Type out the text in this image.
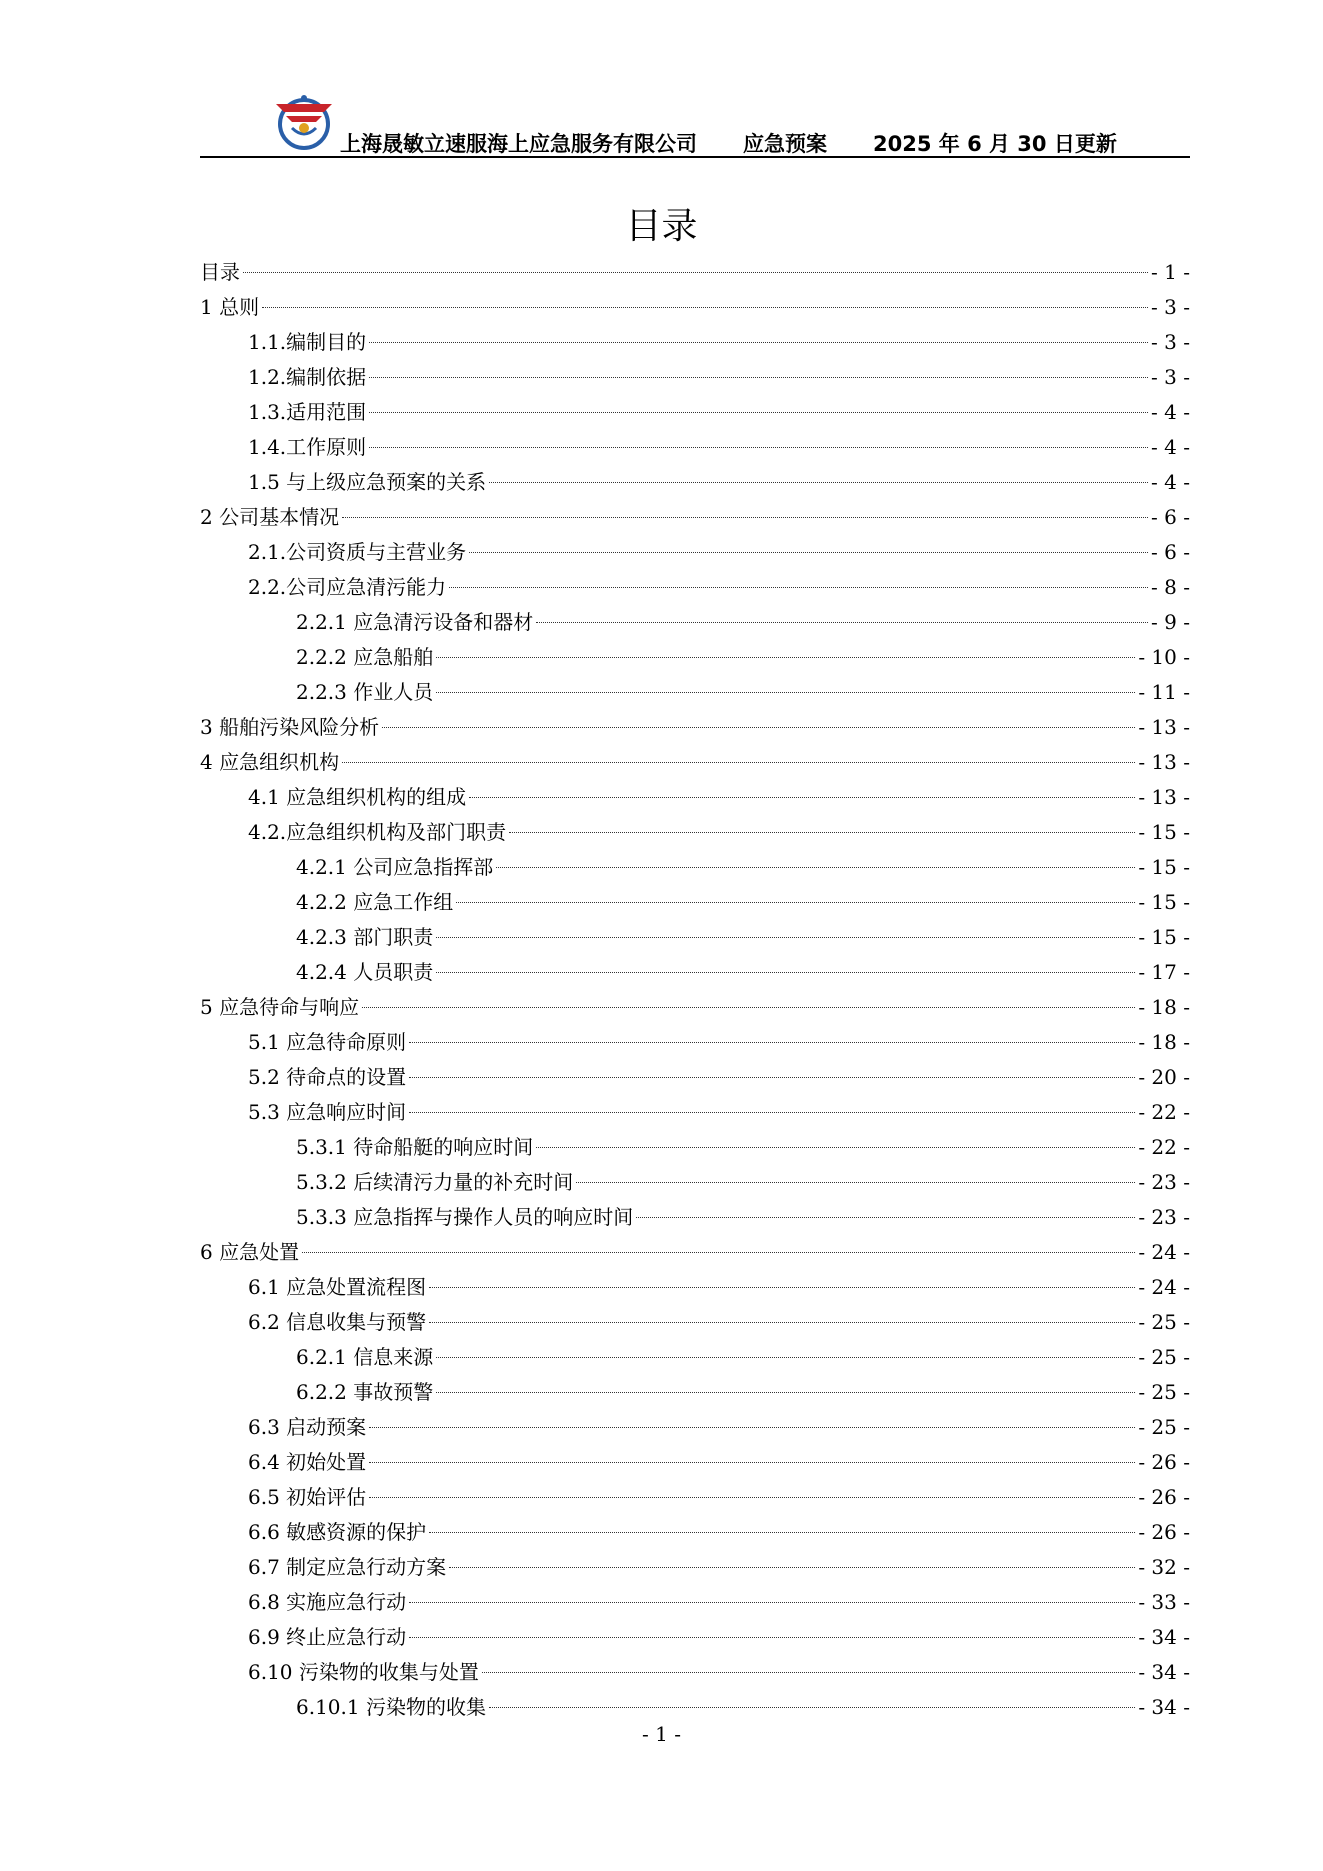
上海晟敏立速服海上应急服务有限公司 应急预案 2025 年 6 月 30 日更新
目录
目录	- 1 -
1 总则	- 3 -
1.1.编制目的	- 3 -
1.2.编制依据	- 3 -
1.3.适用范围	- 4 -
1.4.工作原则	- 4 -
1.5 与上级应急预案的关系	- 4 -
2 公司基本情况	- 6 -
2.1.公司资质与主营业务	- 6 -
2.2.公司应急清污能力	- 8 -
2.2.1 应急清污设备和器材	- 9 -
2.2.2 应急船舶	- 10 -
2.2.3 作业人员	- 11 -
3 船舶污染风险分析	- 13 -
4 应急组织机构	- 13 -
4.1 应急组织机构的组成	- 13 -
4.2.应急组织机构及部门职责	- 15 -
4.2.1 公司应急指挥部	- 15 -
4.2.2 应急工作组	- 15 -
4.2.3 部门职责	- 15 -
4.2.4 人员职责	- 17 -
5 应急待命与响应	- 18 -
5.1 应急待命原则	- 18 -
5.2 待命点的设置	- 20 -
5.3 应急响应时间	- 22 -
5.3.1 待命船艇的响应时间	- 22 -
5.3.2 后续清污力量的补充时间	- 23 -
5.3.3 应急指挥与操作人员的响应时间	- 23 -
6 应急处置	- 24 -
6.1 应急处置流程图	- 24 -
6.2 信息收集与预警	- 25 -
6.2.1 信息来源	- 25 -
6.2.2 事故预警	- 25 -
6.3 启动预案	- 25 -
6.4 初始处置	- 26 -
6.5 初始评估	- 26 -
6.6 敏感资源的保护	- 26 -
6.7 制定应急行动方案	- 32 -
6.8 实施应急行动	- 33 -
6.9 终止应急行动	- 34 -
6.10 污染物的收集与处置	- 34 -
6.10.1 污染物的收集	- 34 -
- 1 -
